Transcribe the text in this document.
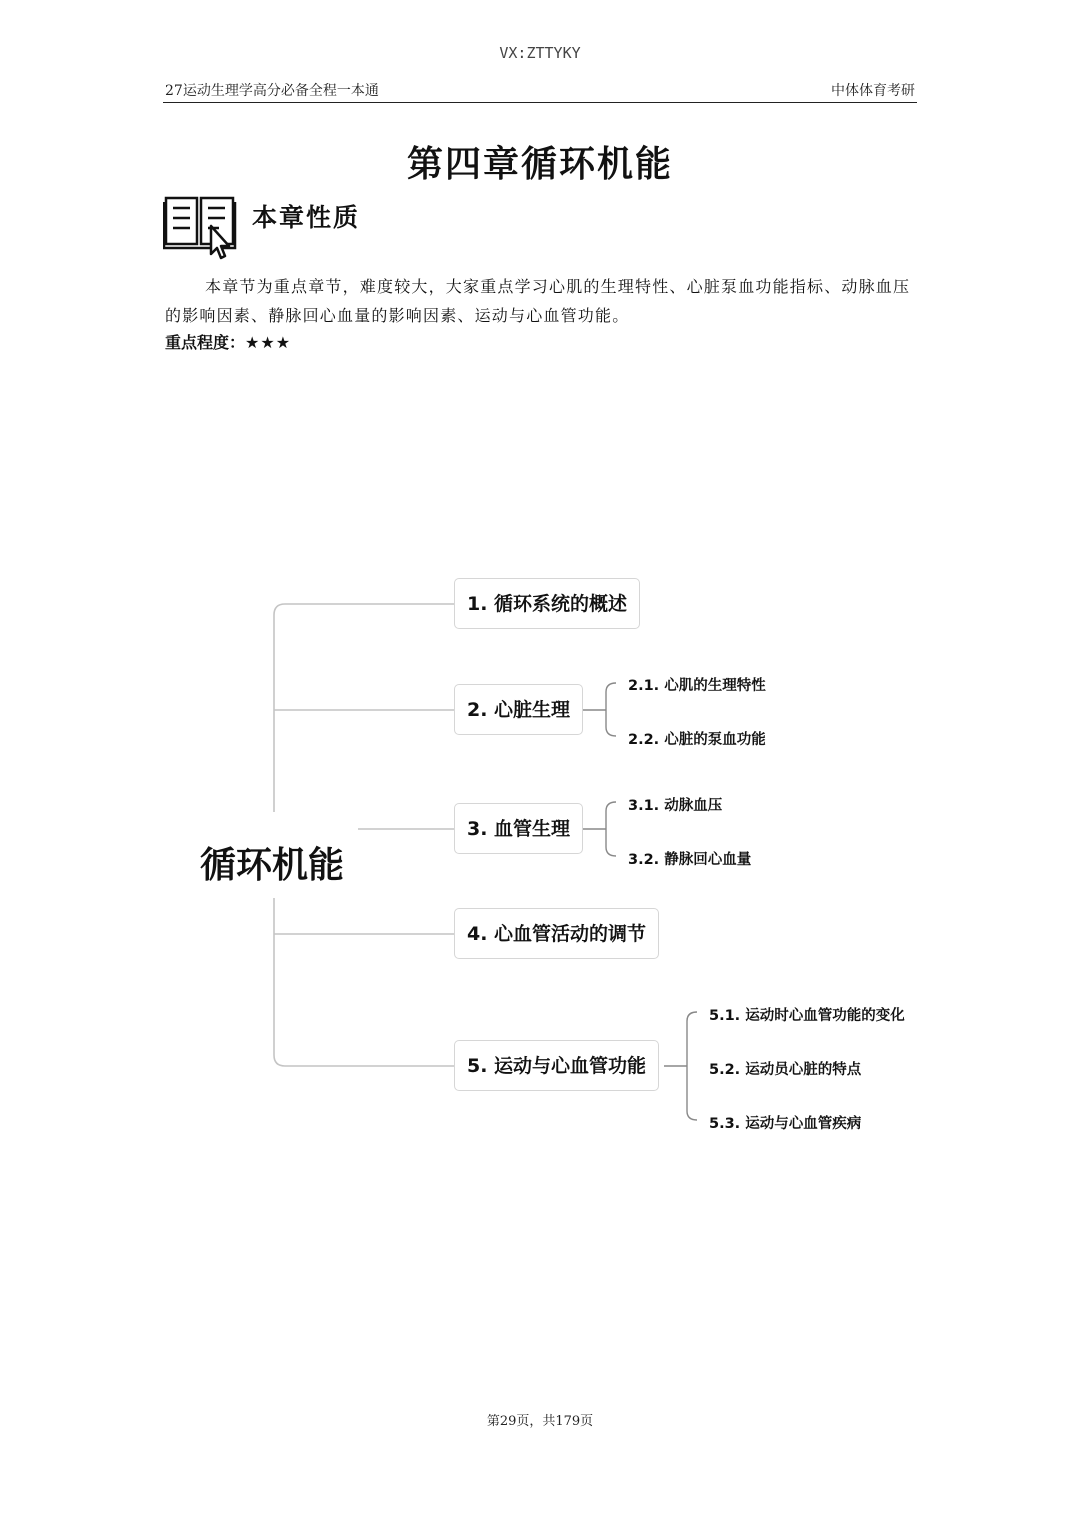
VX:ZTTYKY
27运动生理学高分必备全程一本通	中体体育考研
第四章循环机能
本章性质
本章节为重点章节，难度较大，大家重点学习心肌的生理特性、心脏泵血功能指标、动脉血压的影响因素、静脉回心血量的影响因素、运动与心血管功能。
重点程度：★★★
循环机能
1. 循环系统的概述
2. 心脏生理
3. 血管生理
4. 心血管活动的调节
5. 运动与心血管功能
2.1. 心肌的生理特性
2.2. 心脏的泵血功能
3.1. 动脉血压
3.2. 静脉回心血量
5.1. 运动时心血管功能的变化
5.2. 运动员心脏的特点
5.3. 运动与心血管疾病
第29页，共179页
